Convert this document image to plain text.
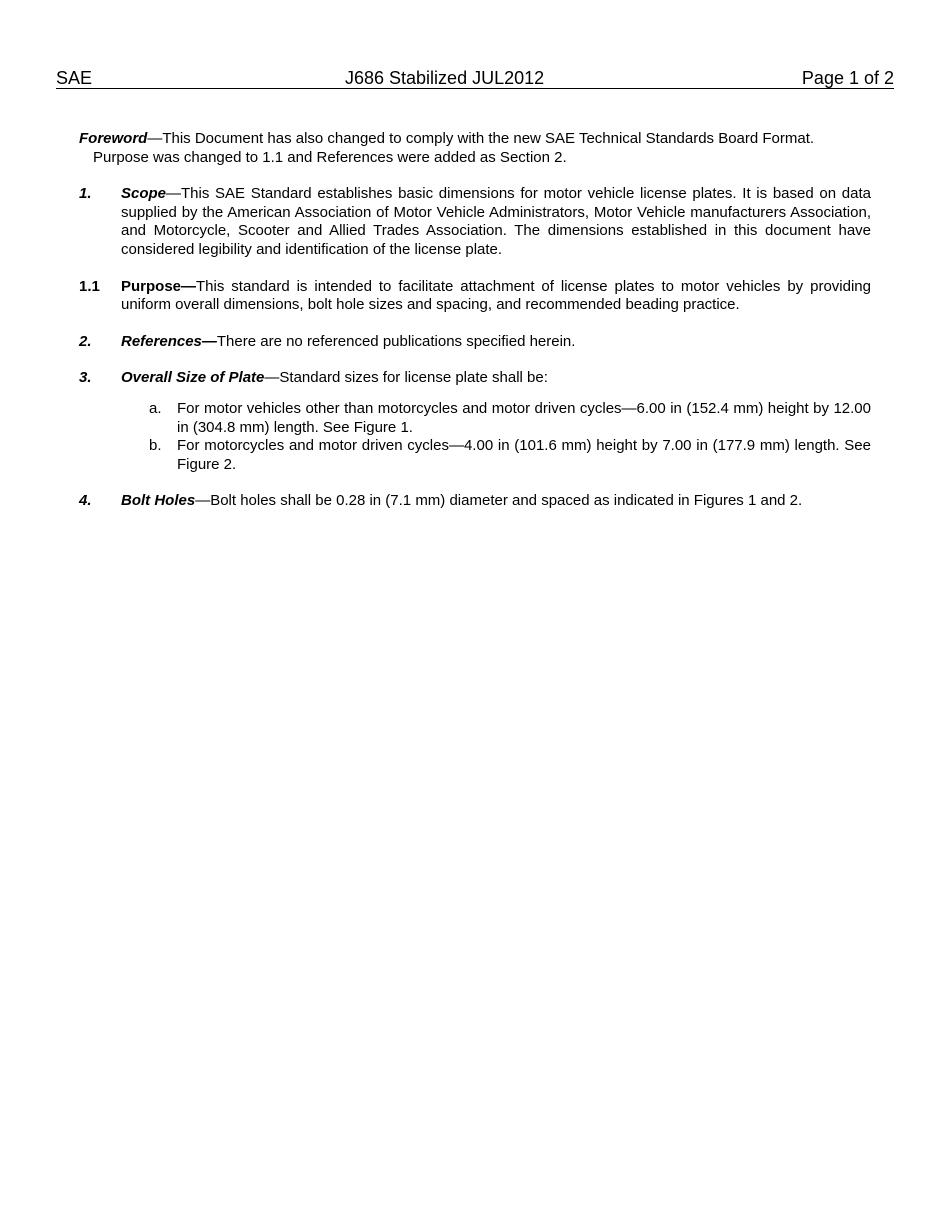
SAE	J686 Stabilized JUL2012	Page 1 of 2

Foreword—This Document has also changed to comply with the new SAE Technical Standards Board Format.
Purpose was changed to 1.1 and References were added as Section 2.

1. Scope—This SAE Standard establishes basic dimensions for motor vehicle license plates. It is based on data supplied by the American Association of Motor Vehicle Administrators, Motor Vehicle manufacturers Association, and Motorcycle, Scooter and Allied Trades Association. The dimensions established in this document have considered legibility and identification of the license plate.
1.1 Purpose—This standard is intended to facilitate attachment of license plates to motor vehicles by providing uniform overall dimensions, bolt hole sizes and spacing, and recommended beading practice.
2. References—There are no referenced publications specified herein.
3. Overall Size of Plate—Standard sizes for license plate shall be:
a. For motor vehicles other than motorcycles and motor driven cycles—6.00 in (152.4 mm) height by 12.00 in (304.8 mm) length. See Figure 1.
b. For motorcycles and motor driven cycles—4.00 in (101.6 mm) height by 7.00 in (177.9 mm) length. See Figure 2.
4. Bolt Holes—Bolt holes shall be 0.28 in (7.1 mm) diameter and spaced as indicated in Figures 1 and 2.
